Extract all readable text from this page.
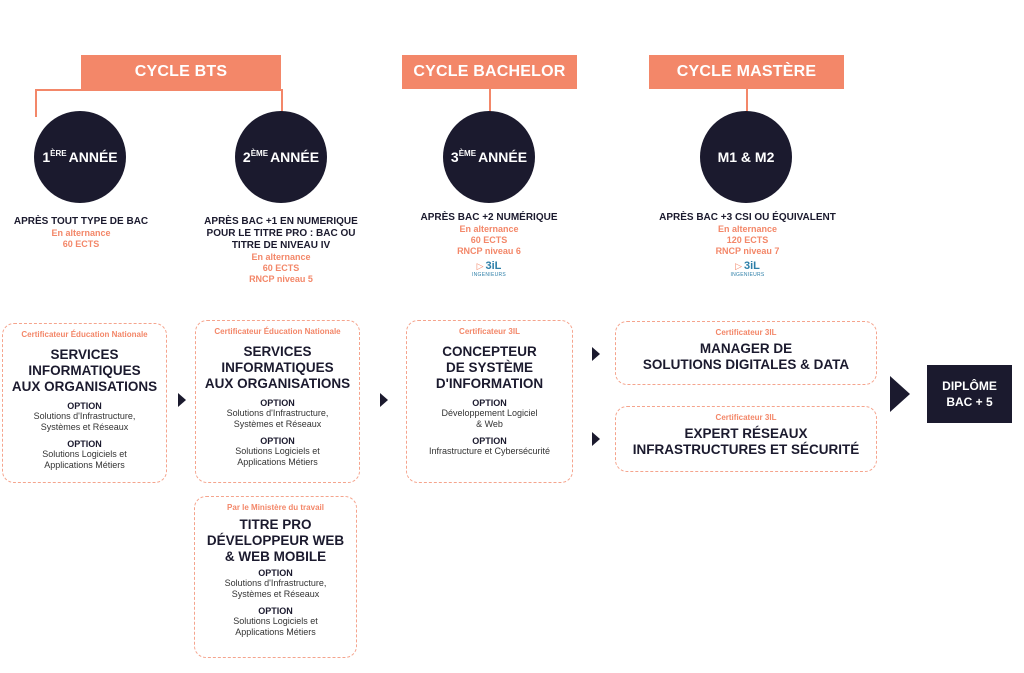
CYCLE BTS	CYCLE BACHELOR	CYCLE MASTÈRE
1ÈRE ANNÉE	2ÈME ANNÉE	3ÈME ANNÉE	M1 & M2
APRÈS TOUT TYPE DE BAC
En alternance
60 ECTS
APRÈS BAC +1 EN NUMERIQUE
POUR LE TITRE PRO : BAC OU
TITRE DE NIVEAU IV
En alternance
60 ECTS
RNCP niveau 5
APRÈS BAC +2 NUMÉRIQUE
En alternance
60 ECTS
RNCP niveau 6
▷ 3iL
INGENIEURS
APRÈS BAC +3 CSI OU ÉQUIVALENT
En alternance
120 ECTS
RNCP niveau 7
▷ 3iL
INGENIEURS
Certificateur Éducation Nationale
SERVICES
INFORMATIQUES
AUX ORGANISATIONS
OPTION
Solutions d'Infrastructure,
Systèmes et Réseaux
OPTION
Solutions Logiciels et
Applications Métiers
Certificateur Éducation Nationale
SERVICES
INFORMATIQUES
AUX ORGANISATIONS
OPTION
Solutions d'Infrastructure,
Systèmes et Réseaux
OPTION
Solutions Logiciels et
Applications Métiers
Par le Ministère du travail
TITRE PRO
DÉVELOPPEUR WEB
& WEB MOBILE
OPTION
Solutions d'Infrastructure,
Systèmes et Réseaux
OPTION
Solutions Logiciels et
Applications Métiers
Certificateur 3IL
CONCEPTEUR
DE SYSTÈME
D'INFORMATION
OPTION
Développement Logiciel
& Web
OPTION
Infrastructure et Cybersécurité
Certificateur 3IL
MANAGER DE
SOLUTIONS DIGITALES & DATA
Certificateur 3IL
EXPERT RÉSEAUX
INFRASTRUCTURES ET SÉCURITÉ
DIPLÔME
BAC + 5
